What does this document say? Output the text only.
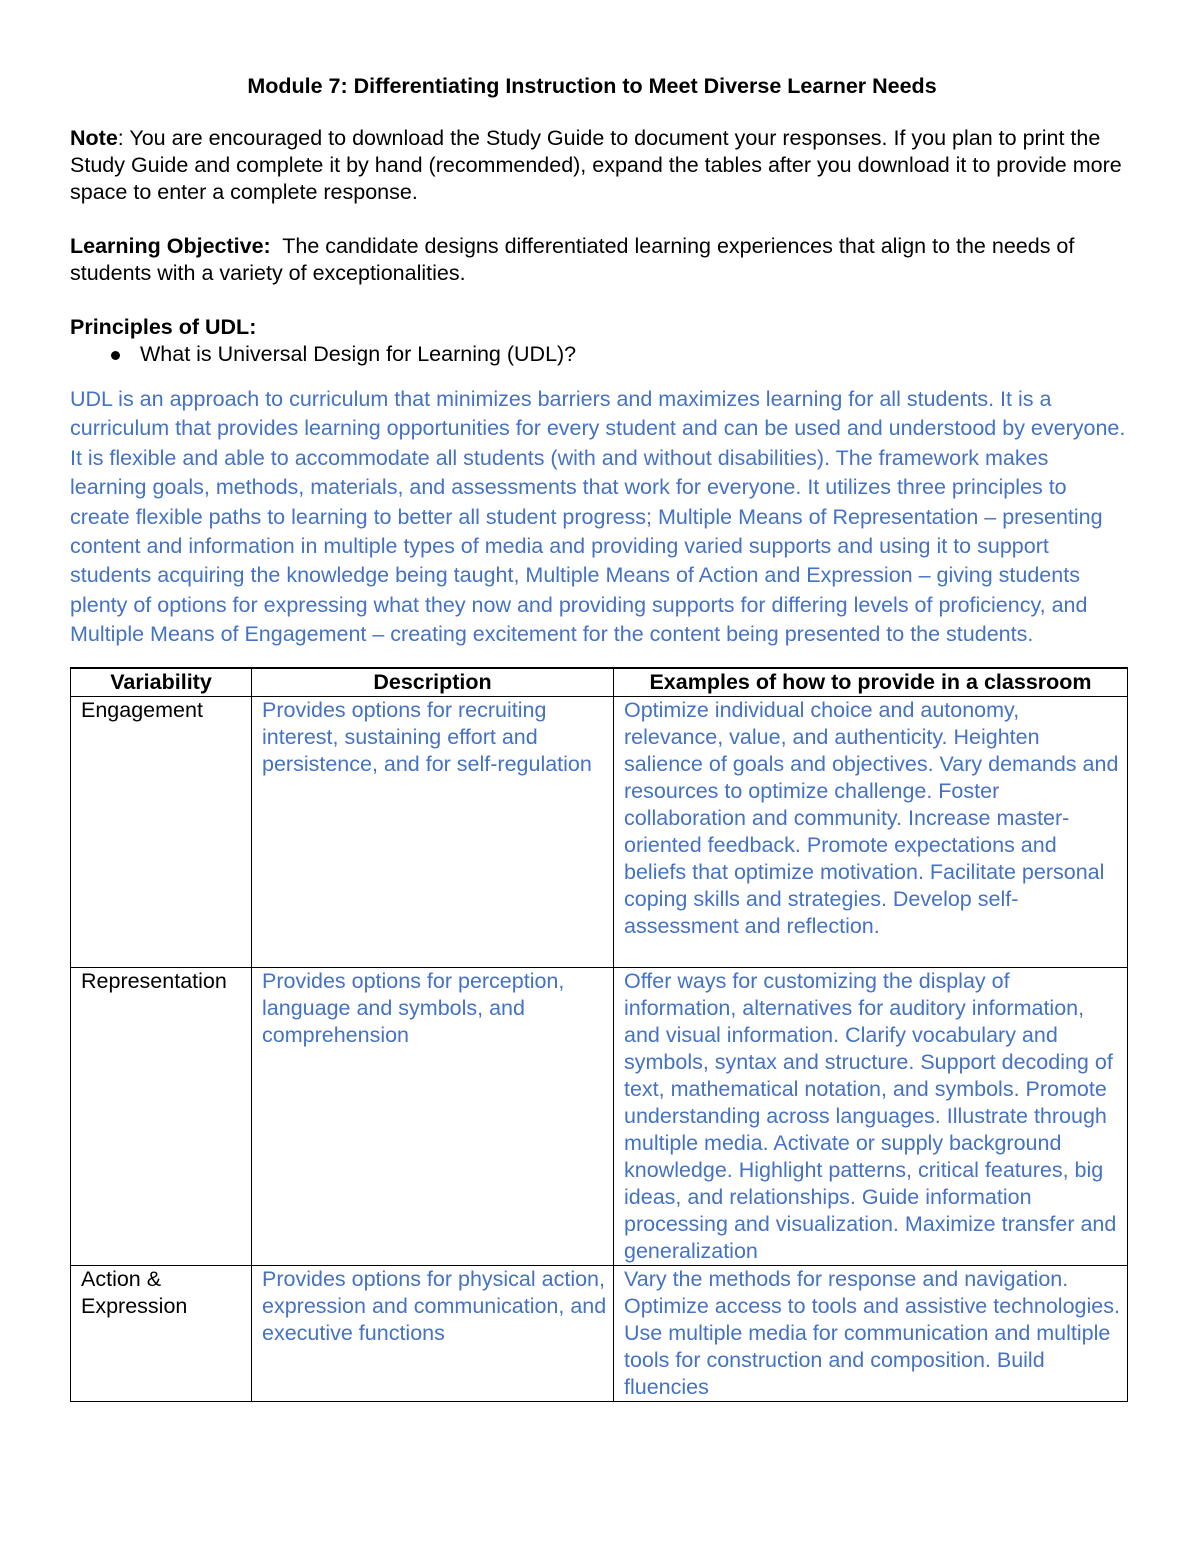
Module 7: Differentiating Instruction to Meet Diverse Learner Needs

Note: You are encouraged to download the Study Guide to document your responses. If you plan to print the Study Guide and complete it by hand (recommended), expand the tables after you download it to provide more space to enter a complete response.

Learning Objective:  The candidate designs differentiated learning experiences that align to the needs of students with a variety of exceptionalities.

Principles of UDL:

What is Universal Design for Learning (UDL)?

UDL is an approach to curriculum that minimizes barriers and maximizes learning for all students. It is a curriculum that provides learning opportunities for every student and can be used and understood by everyone. It is flexible and able to accommodate all students (with and without disabilities). The framework makes learning goals, methods, materials, and assessments that work for everyone. It utilizes three principles to create flexible paths to learning to better all student progress; Multiple Means of Representation – presenting content and information in multiple types of media and providing varied supports and using it to support students acquiring the knowledge being taught, Multiple Means of Action and Expression – giving students plenty of options for expressing what they now and providing supports for differing levels of proficiency, and Multiple Means of Engagement – creating excitement for the content being presented to the students.

Variability	Description	Examples of how to provide in a classroom
Engagement	Provides options for recruiting interest, sustaining effort and persistence, and for self-regulation	Optimize individual choice and autonomy, relevance, value, and authenticity. Heighten salience of goals and objectives. Vary demands and resources to optimize challenge. Foster collaboration and community. Increase master-oriented feedback. Promote expectations and beliefs that optimize motivation. Facilitate personal coping skills and strategies. Develop self-assessment and reflection.
Representation	Provides options for perception, language and symbols, and comprehension	Offer ways for customizing the display of information, alternatives for auditory information, and visual information. Clarify vocabulary and symbols, syntax and structure. Support decoding of text, mathematical notation, and symbols. Promote understanding across languages. Illustrate through multiple media. Activate or supply background knowledge. Highlight patterns, critical features, big ideas, and relationships. Guide information processing and visualization. Maximize transfer and generalization
Action & Expression	Provides options for physical action, expression and communication, and executive functions	Vary the methods for response and navigation. Optimize access to tools and assistive technologies. Use multiple media for communication and multiple tools for construction and composition. Build fluencies
